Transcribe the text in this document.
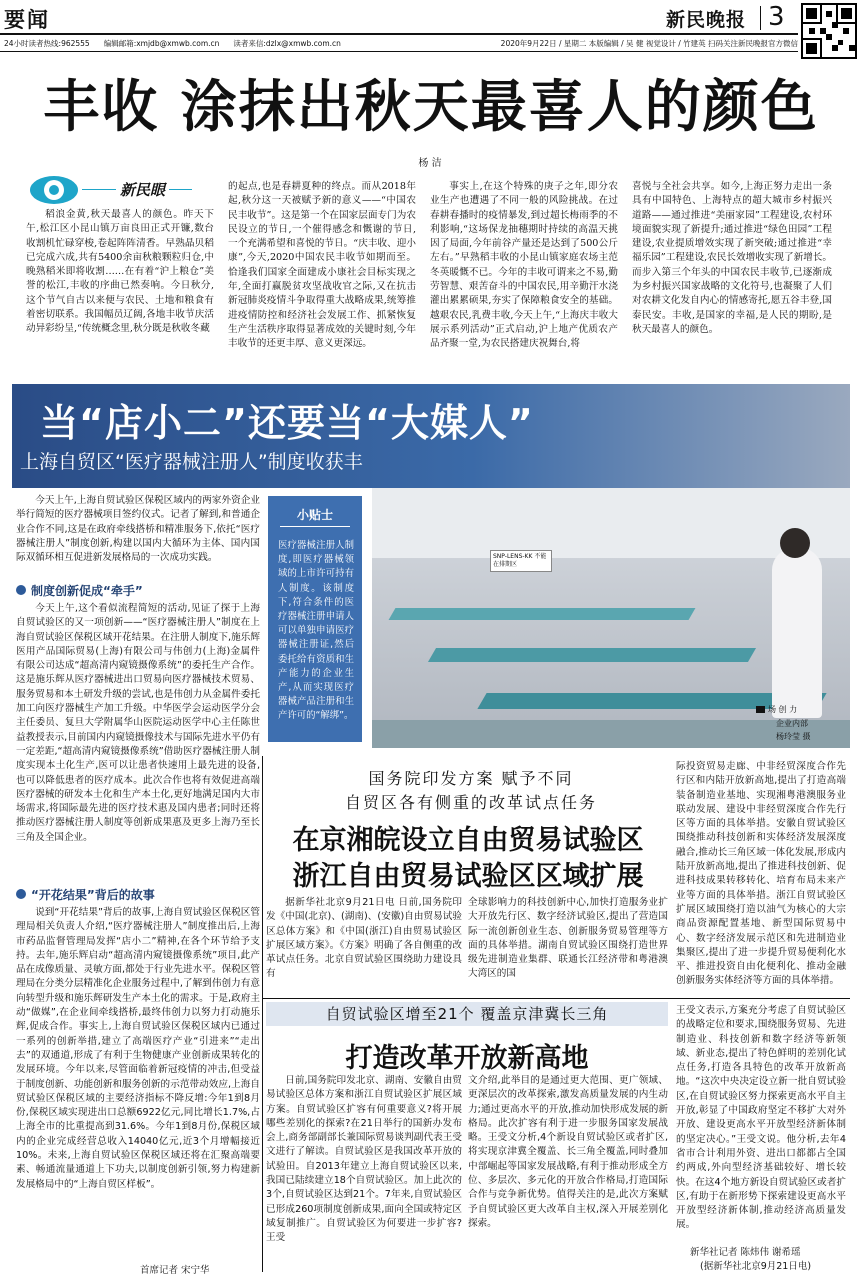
要闻	新民晚报 3
24小时读者热线:962555 编辑邮箱:xmjdb@xmwb.com.cn 读者来信:dzlx@xmwb.com.cn	2020年9月22日 / 星期二 本版编辑 / 吴 健 视觉设计 / 竹建英 扫码关注新民晚报官方微信
丰收 涂抹出秋天最喜人的颜色
杨 洁
新民眼

稻浪金黄,秋天最喜人的颜色。昨天下午,松江区小昆山镇万亩良田正式开镰,数台收割机忙碌穿梭,卷起阵阵清香。早熟晶贝稻已完成六成,共有5400余亩秋粮颗粒归仓,中晚熟稻米即将收割……在有着“沪上粮仓”美誉的松江,丰收的序曲已然奏响。今日秋分,这个节气自古以来便与农民、土地和粮食有着密切联系。我国幅员辽阔,各地丰收节庆活动异彩纷呈,“传统概念里,秋分既是秋收冬藏

的起点,也是春耕夏种的终点。而从2018年起,秋分这一天被赋予新的意义——“中国农民丰收节”。这是第一个在国家层面专门为农民设立的节日,一个催得感念和慨谢的节日,一个充满希望和喜悦的节日。“庆丰收、迎小康”,今天,2020中国农民丰收节如期而至。恰逢我们国家全面建成小康社会目标实现之年,全面打赢脱贫攻坚战收官之际,又在抗击新冠肺炎疫情斗争取得重大战略成果,统筹推进疫情防控和经济社会发展工作、抓紧恢复生产生活秩序取得显著成效的关键时刻,今年丰收节的还更丰厚、意义更深远。

事实上,在这个特殊的庚子之年,即分农业生产也遭遇了不同一般的风险挑战。在过春耕春播时的疫情暴发,到过超长梅雨季的不利影响,“这场保龙抽穗期时持续的高温天挑因了局面,今年前谷产量还是达到了500公斤左右。”早熟稻丰收的小昆山镇家庭农场主范冬英暖慨不已。今年的丰收可谓来之不易,勤劳智慧、艰苦奋斗的中国农民,用辛勤汗水浇灌出累累硕果,夯实了保障粮食安全的基础。越艰农民,乳费丰收,今天上午,“上海庆丰收大展示系列活动”正式启动,沪上地产优质农产品齐聚一堂,为农民搭建庆祝舞台,将

喜悦与全社会共享。如今,上海正努力走出一条具有中国特色、上海特点的超大城市乡村振兴道路——通过推进“美丽家园”工程建设,农村环境面貌实现了新提升;通过推进“绿色田园”工程建设,农业提质增效实现了新突破;通过推进“幸福乐园”工程建设,农民长效增收实现了新增长。而步入第三个年头的中国农民丰收节,已逐渐成为乡村振兴国家战略的文化符号,也凝聚了人们对农耕文化发自内心的情感寄托,愿五谷丰登,国泰民安。丰收,是国家的幸福,是人民的期盼,是秋天最喜人的颜色。

当“店小二”还要当“大媒人”
上海自贸区“医疗器械注册人”制度收获丰
SNP-LENS-KK 不能在排期区
场 创 力
企业内部
杨玲莹 摄
小贴士
医疗器械注册人制度,即医疗器械领域的上市许可持有人制度。该制度下,符合条件的医疗器械注册申请人可以单独申请医疗器械注册证,然后委托给有资质和生产能力的企业生产,从而实现医疗器械产品注册和生产许可的“解绑”。

今天上午,上海自贸试验区保税区域内的两家外资企业举行简短的医疗器械项目签约仪式。记者了解到,和普通企业合作不同,这是在政府牵线搭桥和精准服务下,依托“医疗器械注册人”制度创新,构建以国内大循环为主体、国内国际双循环相互促进新发展格局的一次成功实践。

制度创新促成“牵手”

今天上午,这个看似流程简短的活动,见证了探于上海自贸试验区的又一项创新——“医疗器械注册人”制度在上海自贸试验区保税区域开花结果。在注册人制度下,施乐辉医用产品国际贸易(上海)有限公司与伟创力(上海)金属件有限公司达成“超高清内窥镜摄像系统”的委托生产合作。这是施乐辉从医疗器械进出口贸易向医疗器械技术贸易、服务贸易和本土研发升级的尝试,也是伟创力从金属件委托加工向医疗器械生产加工升级。中华医学会运动医学分会主任委员、复旦大学附属华山医院运动医学中心主任陈世益教授表示,目前国内内窥镜摄像技术与国际先进水平仍有一定差距,“超高清内窥镜摄像系统”借助医疗器械注册人制度实现本土化生产,医可以让患者快速用上最先进的设备,也可以降低患者的医疗成本。此次合作也将有效促进高端医疗器械的研发本土化和生产本土化,更好地满足国内大市场需求,将国际最先进的医疗技术惠及国内患者;同时还将推动医疗器械注册人制度等创新成果惠及更多上海乃至长三角及全国企业。

“开花结果”背后的故事

说到“开花结果”背后的故事,上海自贸试验区保税区管理局相关负责人介绍,“医疗器械注册人”制度推出后,上海市药品监督管理局发挥“店小二”精神,在各个环节给予支持。去年,施乐辉启动“超高清内窥镜摄像系统”项目,此产品在成像质量、灵敏方面,都处于行业先进水平。保税区管理局在分类分层精准化企业服务过程中,了解到伟创力有意向转型升级和施乐辉研发生产本土化的需求。于是,政府主动“做媒”,在企业间牵线搭桥,最终伟创力以努力打动施乐辉,促成合作。事实上,上海自贸试验区保税区域内已通过一系列的创新举措,建立了高端医疗产业“引进来”“走出去”的双通道,形成了有利于生物健康产业创新成果转化的发展环境。今年以来,尽管面临着新冠疫情的冲击,但受益于制度创新、功能创新和服务创新的示范带动效应,上海自贸试验区保税区域的主要经济指标不降反增:今年1到8月份,保税区域实现进出口总额6922亿元,同比增长1.7%,占上海全市的比重提高到31.6%。今年1到8月份,保税区域内的企业完成经营总收入14040亿元,近3个月增幅接近10%。未来,上海自贸试验区保税区域还将在汇聚高端要素、畅通流量通道上下功夫,以制度创新引领,努力构建新发展格局中的“上海自贸区样板”。

首席记者 宋宁华
国务院印发方案 赋予不同
自贸区各有侧重的改革试点任务
在京湘皖设立自由贸易试验区
浙江自由贸易试验区区域扩展

据新华社北京9月21日电 日前,国务院印发《中国(北京)、(湖南)、(安徽)自由贸易试验区总体方案》和《中国(浙江)自由贸易试验区扩展区域方案》。《方案》明确了各自侧重的改革试点任务。北京自贸试验区围绕助力建设具有

全球影响力的科技创新中心,加快打造服务业扩大开放先行区、数字经济试验区,提出了营造国际一流创新创业生态、创新服务贸易管理等方面的具体举措。湖南自贸试验区围绕打造世界级先进制造业集群、联通长江经济带和粤港澳大湾区的国

际投资贸易走廊、中非经贸深度合作先行区和内陆开放新高地,提出了打造高端装备制造业基地、实现湘粤港澳服务业联动发展、建设中非经贸深度合作先行区等方面的具体举措。安徽自贸试验区围绕推动科技创新和实体经济发展深度融合,推动长三角区域一体化发展,形成内陆开放新高地,提出了推进科技创新、促进科技成果转移转化、培育布局未来产业等方面的具体举措。浙江自贸试验区扩展区域围绕打造以油气为核心的大宗商品资源配置基地、新型国际贸易中心、数字经济发展示范区和先进制造业集聚区,提出了进一步提升贸易便利化水平、推进投资自由化便利化、推动金融创新服务实体经济等方面的具体举措。

自贸试验区增至21个 覆盖京津冀长三角
打造改革开放新高地

日前,国务院印发北京、湖南、安徽自由贸易试验区总体方案和浙江自贸试验区扩展区域方案。自贸试验区扩容有何重要意义?将开展哪些差别化的探索?在21日举行的国新办发布会上,商务部副部长兼国际贸易谈判副代表王受文进行了解读。自贸试验区是我国改革开放的试验田。自2013年建立上海自贸试验区以来,我国已陆续建立18个自贸试验区。加上此次的3个,自贸试验区达到21个。7年来,自贸试验区已形成260项制度创新成果,面向全国或特定区域复制推广。自贸试验区为何要进一步扩容?王受

文介绍,此举目的是通过更大范围、更广领域、更深层次的改革探索,激发高质量发展的内生动力;通过更高水平的开放,推动加快形成发展的新格局。此次扩容有利于进一步服务国家发展战略。王受文分析,4个新设自贸试验区或者扩区,将实现京津冀全覆盖、长三角全覆盖,同时叠加中部崛起等国家发展战略,有利于推动形成全方位、多层次、多元化的开放合作格局,打造国际合作与竞争新优势。值得关注的是,此次方案赋予自贸试验区更大改革自主权,深入开展差别化探索。

王受文表示,方案充分考虑了自贸试验区的战略定位和要求,围绕服务贸易、先进制造业、科技创新和数字经济等新领域、新业态,提出了特色鲜明的差别化试点任务,打造各具特色的改革开放新高地。“这次中央决定设立新一批自贸试验区,在自贸试验区努力探索更高水平自主开放,彰显了中国政府坚定不移扩大对外开放、建设更高水平开放型经济新体制的坚定决心。”王受文说。他分析,去年4省市合计利用外资、进出口都都占全国约两成,外向型经济基础较好、增长较快。在这4个地方新设自贸试验区或者扩区,有助于在新形势下探索建设更高水平开放型经济新体制,推动经济高质量发展。

新华社记者 陈炜伟 谢希瑶
(据新华社北京9月21日电)
